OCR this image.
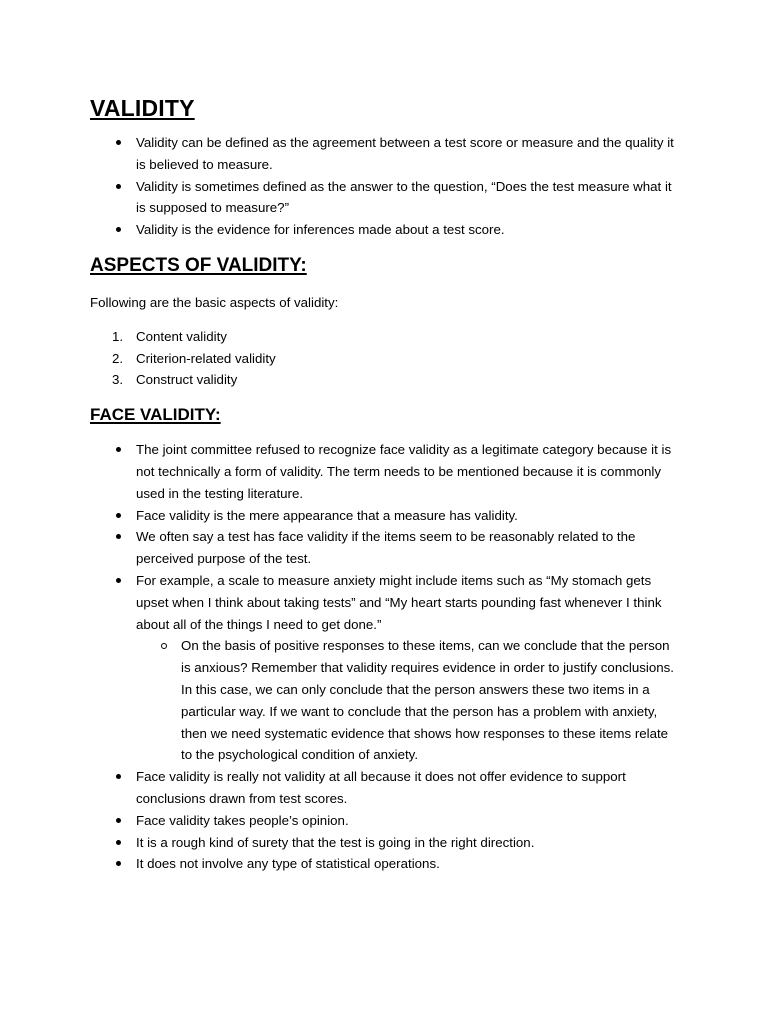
VALIDITY
Validity can be defined as the agreement between a test score or measure and the quality it is believed to measure.
Validity is sometimes defined as the answer to the question, “Does the test measure what it is supposed to measure?”
Validity is the evidence for inferences made about a test score.
ASPECTS OF VALIDITY:

Following are the basic aspects of validity:

1. Content validity
2. Criterion-related validity
3. Construct validity
FACE VALIDITY:
The joint committee refused to recognize face validity as a legitimate category because it is not technically a form of validity. The term needs to be mentioned because it is commonly used in the testing literature.
Face validity is the mere appearance that a measure has validity.
We often say a test has face validity if the items seem to be reasonably related to the perceived purpose of the test.
For example, a scale to measure anxiety might include items such as “My stomach gets upset when I think about taking tests” and “My heart starts pounding fast whenever I think about all of the things I need to get done.”
On the basis of positive responses to these items, can we conclude that the person is anxious? Remember that validity requires evidence in order to justify conclusions. In this case, we can only conclude that the person answers these two items in a particular way. If we want to conclude that the person has a problem with anxiety, then we need systematic evidence that shows how responses to these items relate to the psychological condition of anxiety.
Face validity is really not validity at all because it does not offer evidence to support conclusions drawn from test scores.
Face validity takes people’s opinion.
It is a rough kind of surety that the test is going in the right direction.
It does not involve any type of statistical operations.
